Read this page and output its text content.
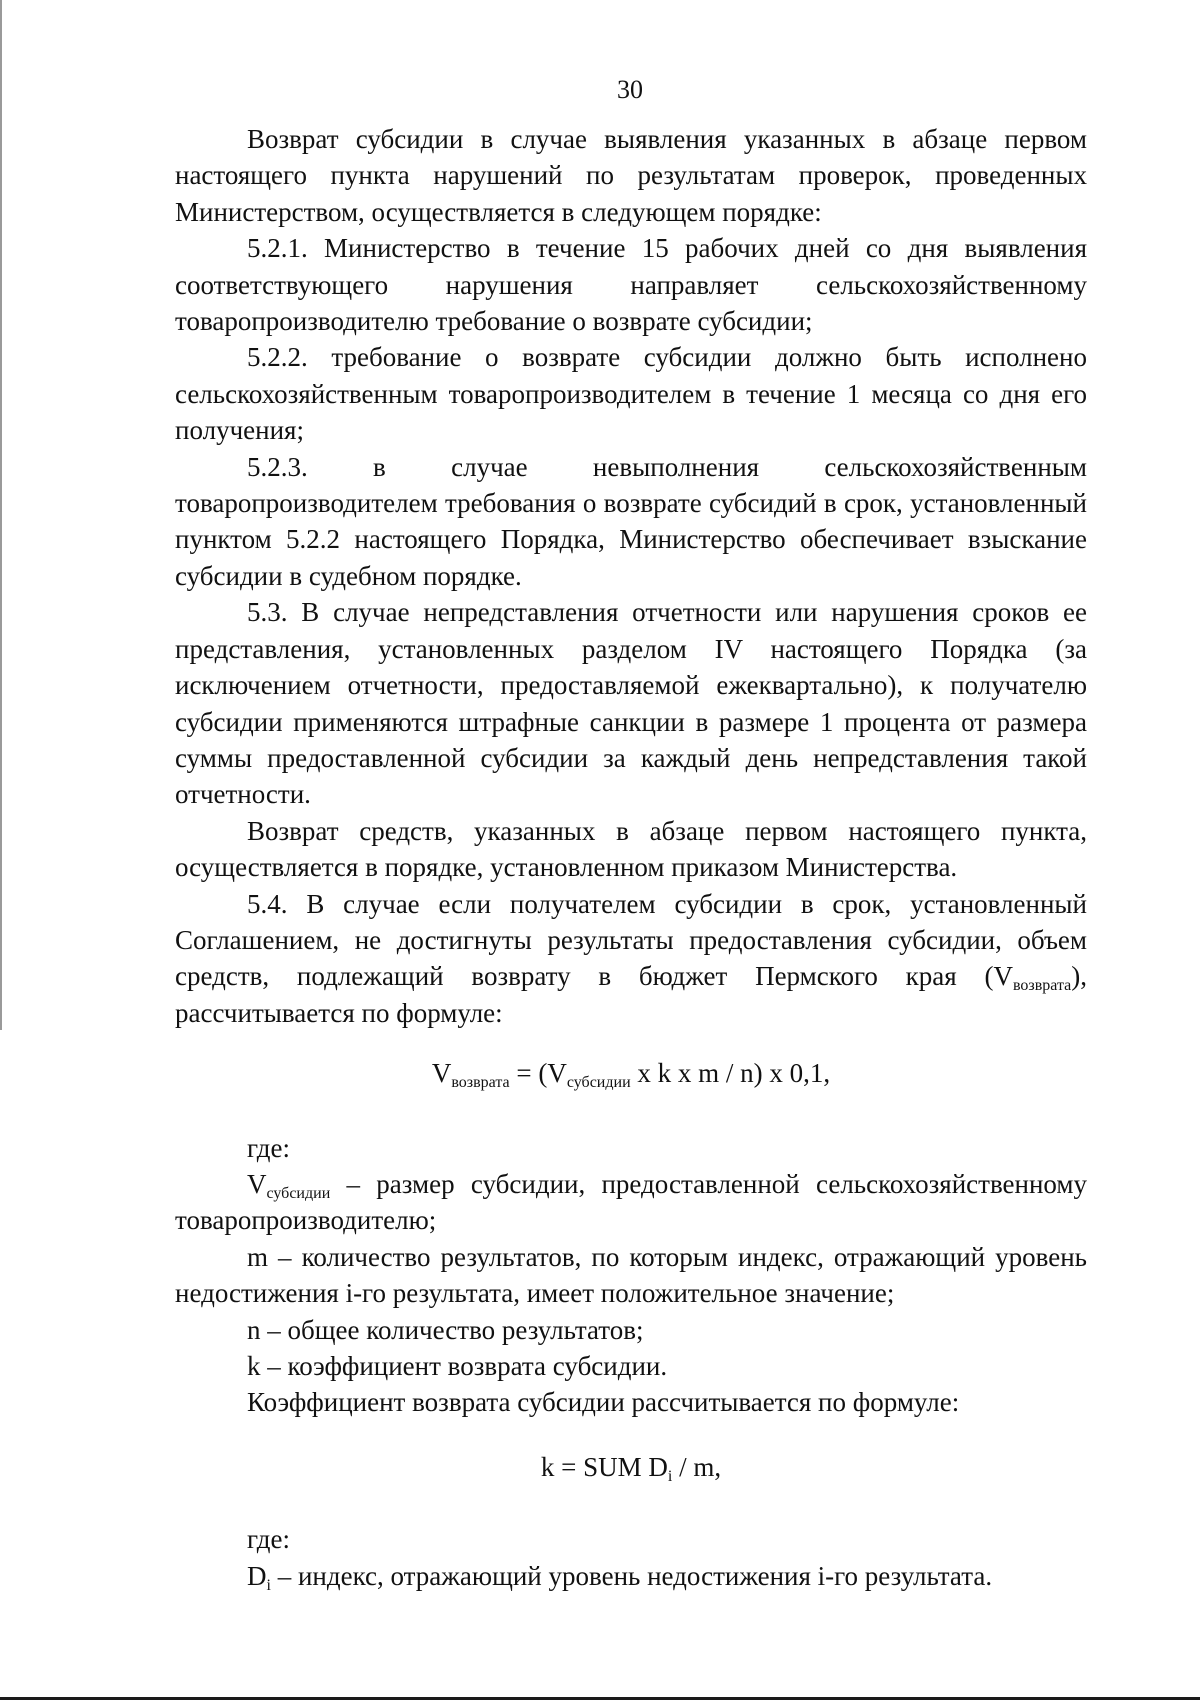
30

Возврат субсидии в случае выявления указанных в абзаце первом настоящего пункта нарушений по результатам проверок, проведенных Министерством, осуществляется в следующем порядке:

5.2.1. Министерство в течение 15 рабочих дней со дня выявления соответствующего нарушения направляет сельскохозяйственному товаропроизводителю требование о возврате субсидии;

5.2.2. требование о возврате субсидии должно быть исполнено сельскохозяйственным товаропроизводителем в течение 1 месяца со дня его получения;

5.2.3. в случае невыполнения сельскохозяйственным товаропроизводителем требования о возврате субсидий в срок, установленный пунктом 5.2.2 настоящего Порядка, Министерство обеспечивает взыскание субсидии в судебном порядке.

5.3. В случае непредставления отчетности или нарушения сроков ее представления, установленных разделом IV настоящего Порядка (за исключением отчетности, предоставляемой ежеквартально), к получателю субсидии применяются штрафные санкции в размере 1 процента от размера суммы предоставленной субсидии за каждый день непредставления такой отчетности.

Возврат средств, указанных в абзаце первом настоящего пункта, осуществляется в порядке, установленном приказом Министерства.

5.4. В случае если получателем субсидии в срок, установленный Соглашением, не достигнуты результаты предоставления субсидии, объем средств, подлежащий возврату в бюджет Пермского края $(V_{возврата})$, рассчитывается по формуле:

$V_{возврата} = (V_{субсидии}$ x k x m / n) x 0,1,

где:

$V_{субсидии}$ – размер субсидии, предоставленной сельскохозяйственному товаропроизводителю;

m – количество результатов, по которым индекс, отражающий уровень недостижения i-го результата, имеет положительное значение;

n – общее количество результатов;

k – коэффициент возврата субсидии.

Коэффициент возврата субсидии рассчитывается по формуле:

k = SUM $D_i$ / m,

где:

$D_i$ – индекс, отражающий уровень недостижения i-го результата.
